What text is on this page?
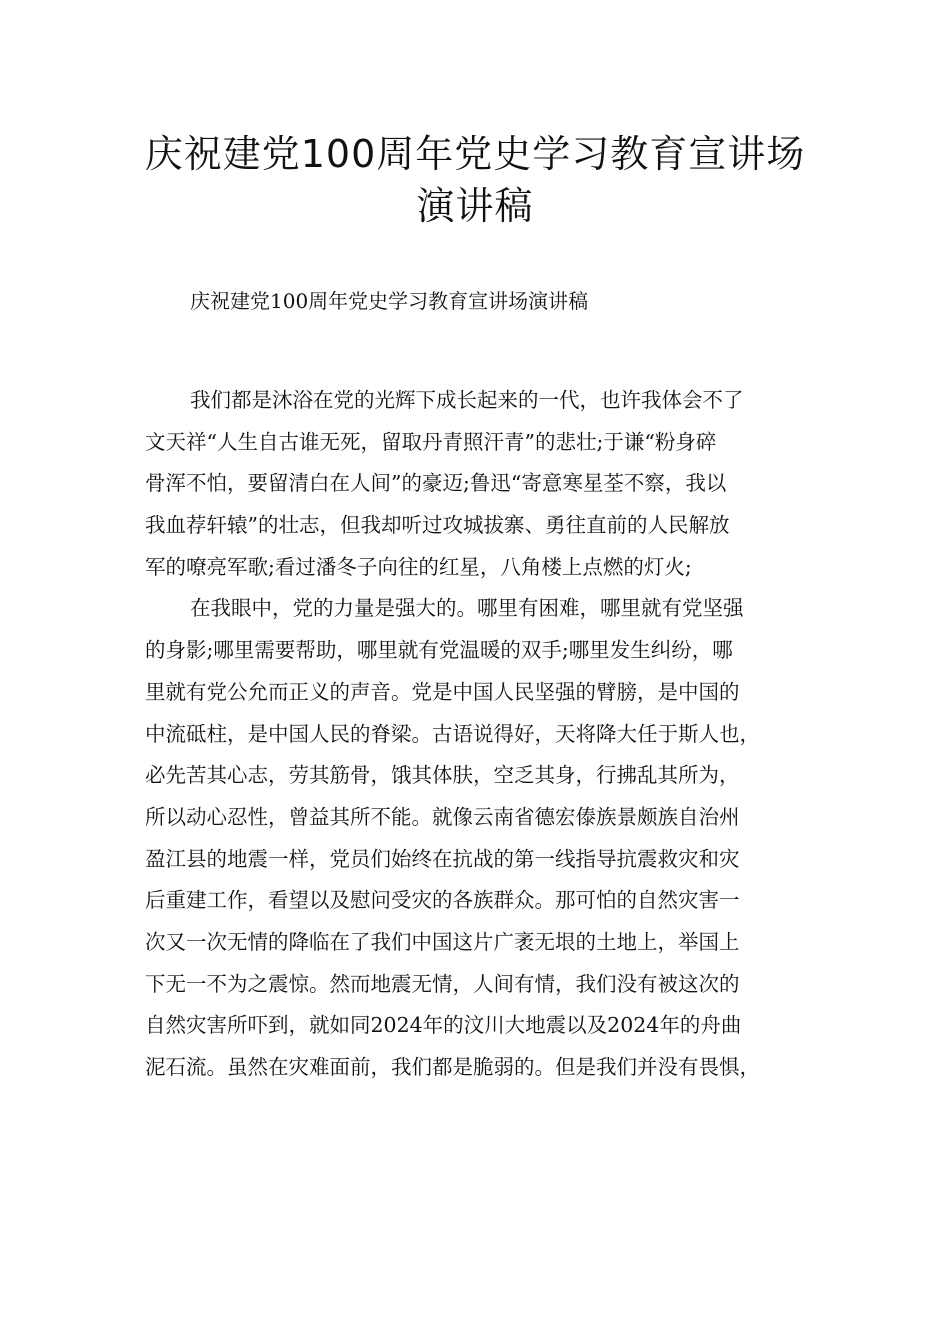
庆祝建党100周年党史学习教育宣讲场
演讲稿

庆祝建党100周年党史学习教育宣讲场演讲稿

我们都是沐浴在党的光辉下成长起来的一代，也许我体会不了
文天祥“人生自古谁无死，留取丹青照汗青”的悲壮;于谦“粉身碎
骨浑不怕，要留清白在人间”的豪迈;鲁迅“寄意寒星荃不察，我以
我血荐轩辕”的壮志，但我却听过攻城拔寨、勇往直前的人民解放
军的嘹亮军歌;看过潘冬子向往的红星，八角楼上点燃的灯火;
在我眼中，党的力量是强大的。哪里有困难，哪里就有党坚强
的身影;哪里需要帮助，哪里就有党温暖的双手;哪里发生纠纷，哪
里就有党公允而正义的声音。党是中国人民坚强的臂膀，是中国的
中流砥柱，是中国人民的脊梁。古语说得好，天将降大任于斯人也，
必先苦其心志，劳其筋骨，饿其体肤，空乏其身，行拂乱其所为，
所以动心忍性，曾益其所不能。就像云南省德宏傣族景颇族自治州
盈江县的地震一样，党员们始终在抗战的第一线指导抗震救灾和灾
后重建工作，看望以及慰问受灾的各族群众。那可怕的自然灾害一
次又一次无情的降临在了我们中国这片广袤无垠的土地上，举国上
下无一不为之震惊。然而地震无情，人间有情，我们没有被这次的
自然灾害所吓到，就如同2024年的汶川大地震以及2024年的舟曲
泥石流。虽然在灾难面前，我们都是脆弱的。但是我们并没有畏惧，
